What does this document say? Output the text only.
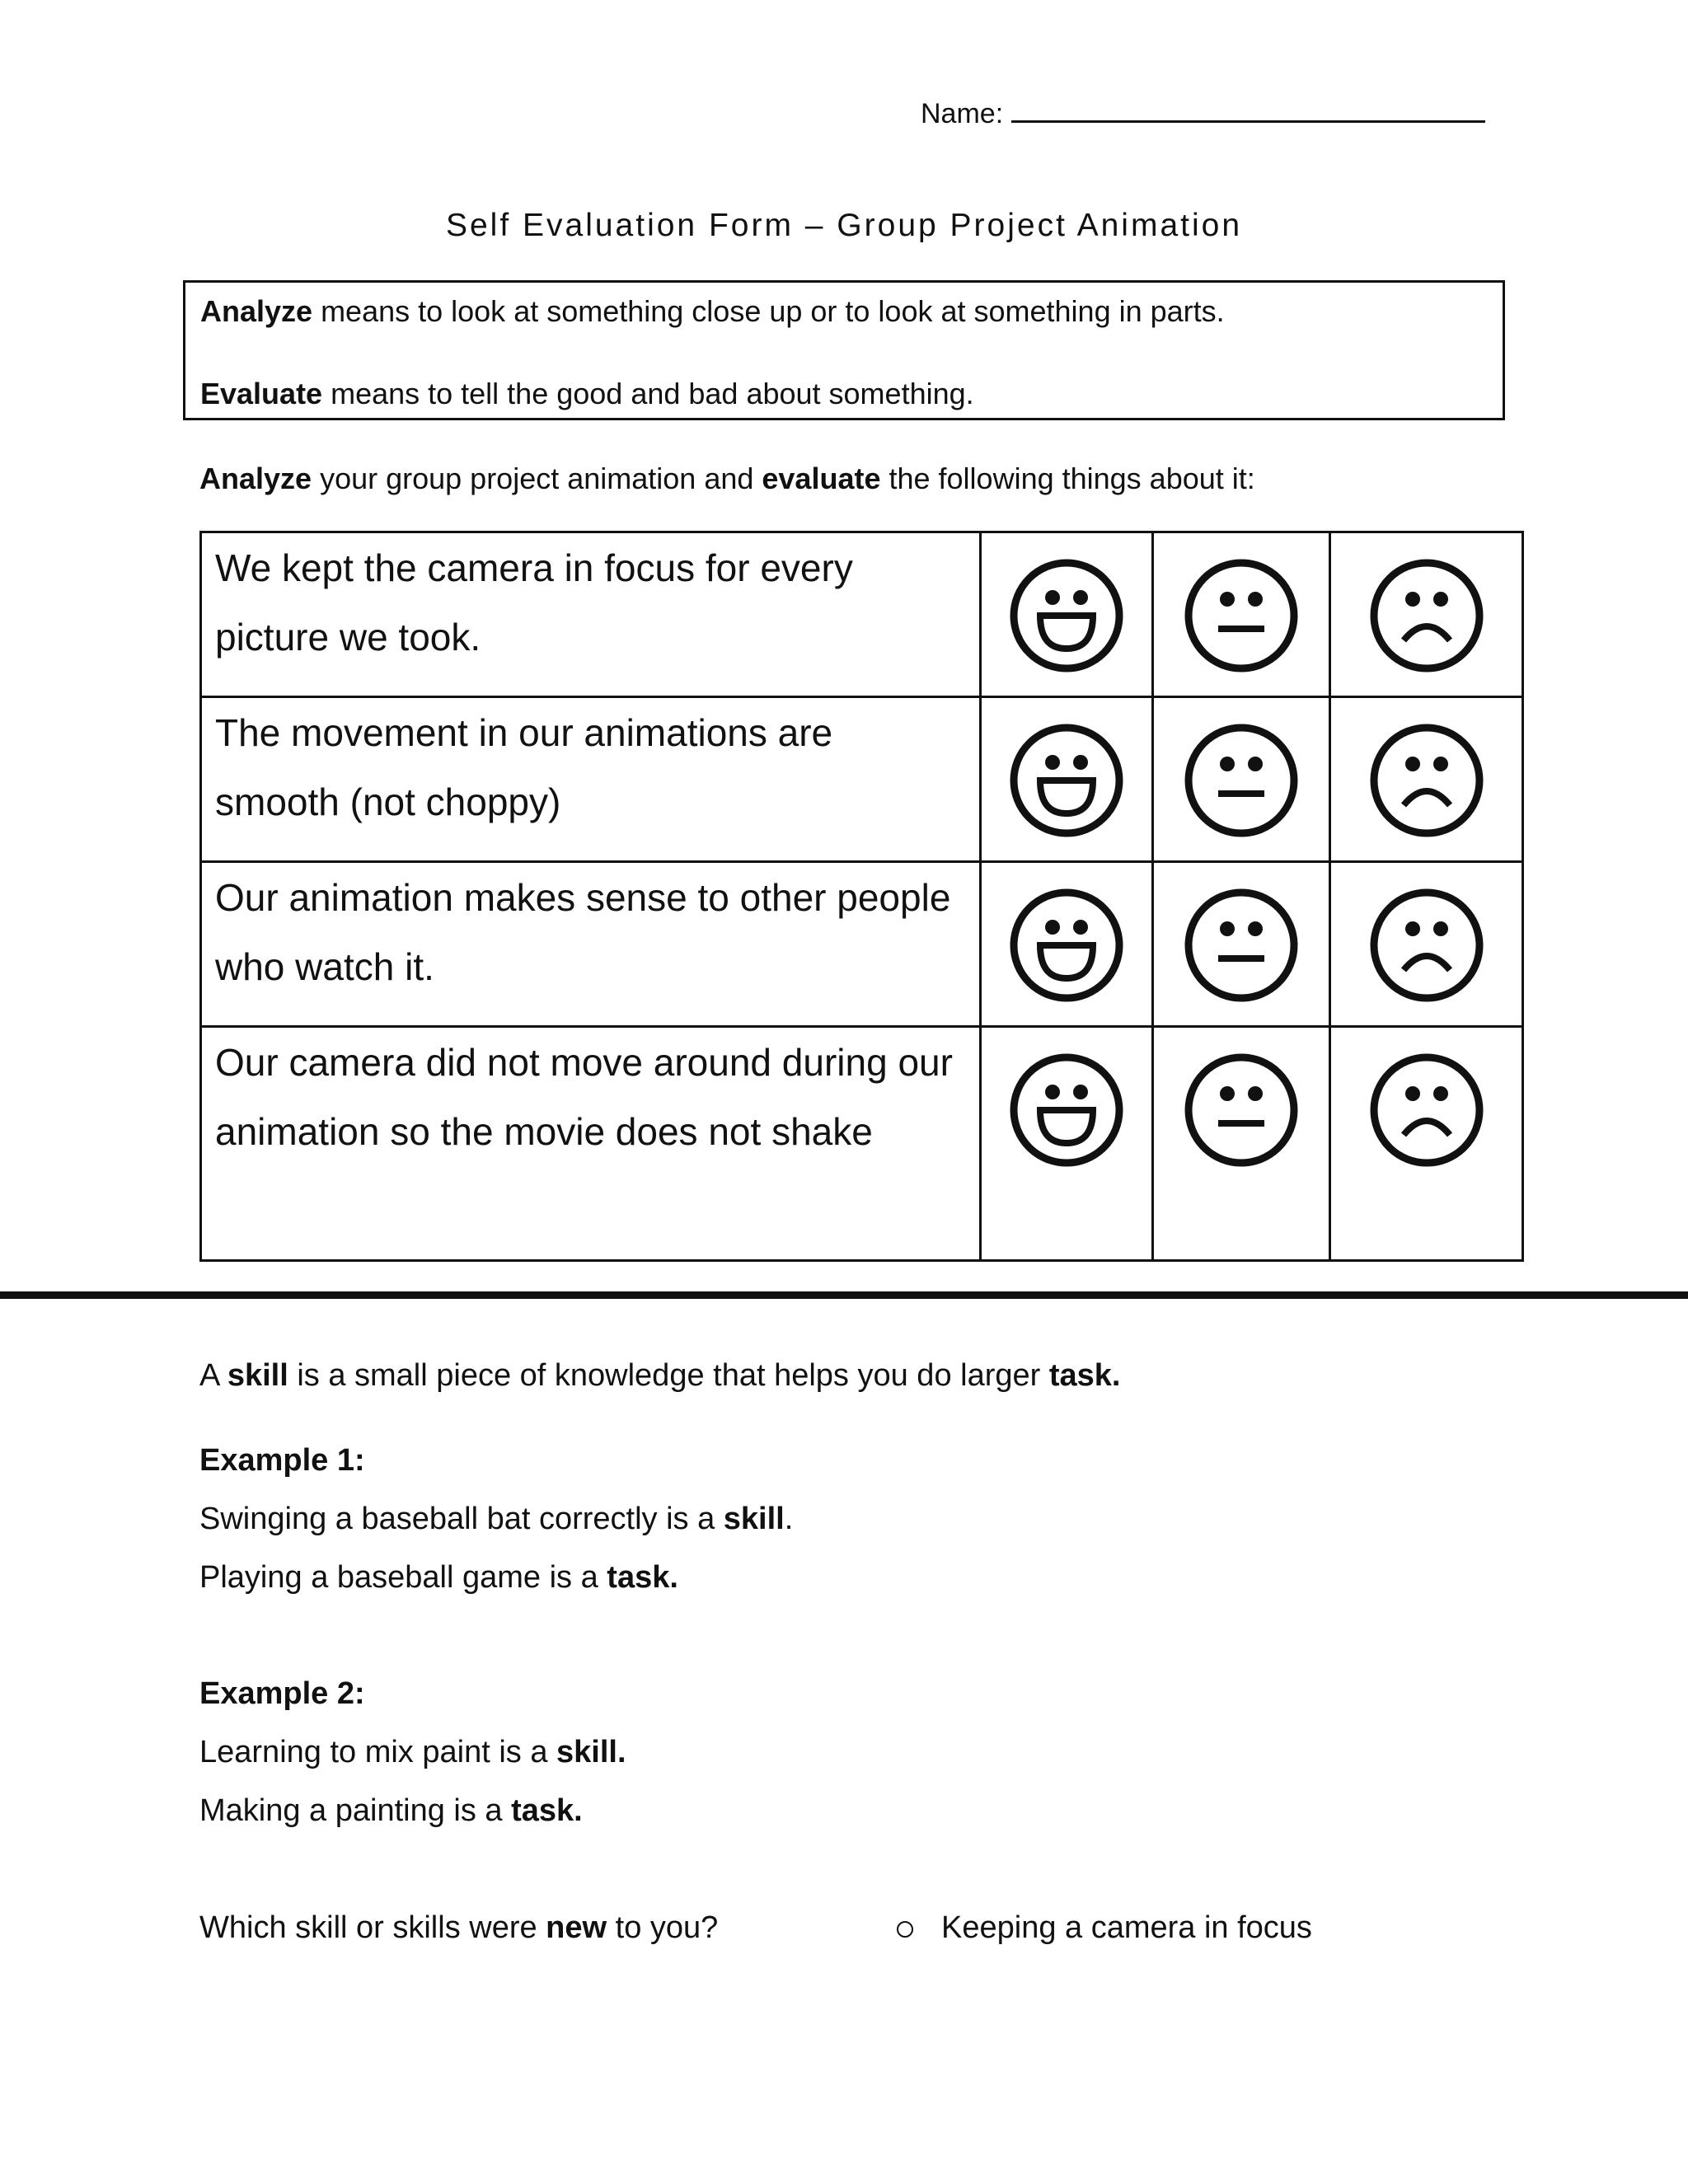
Name:
Self Evaluation Form – Group Project Animation
Analyze means to look at something close up or to look at something in parts.
Evaluate means to tell the good and bad about something.
Analyze your group project animation and evaluate the following things about it:
We kept the camera in focus for every picture we took.	

The movement in our animations are smooth (not choppy)	

Our animation makes sense to other people who watch it.	

Our camera did not move around during our animation so the movie does not shake	

A skill is a small piece of knowledge that helps you do larger task.
Example 1:
Swinging a baseball bat correctly is a skill.
Playing a baseball game is a task.
Example 2:
Learning to mix paint is a skill.
Making a painting is a task.
Which skill or skills were new to you?	Keeping a camera in focus
